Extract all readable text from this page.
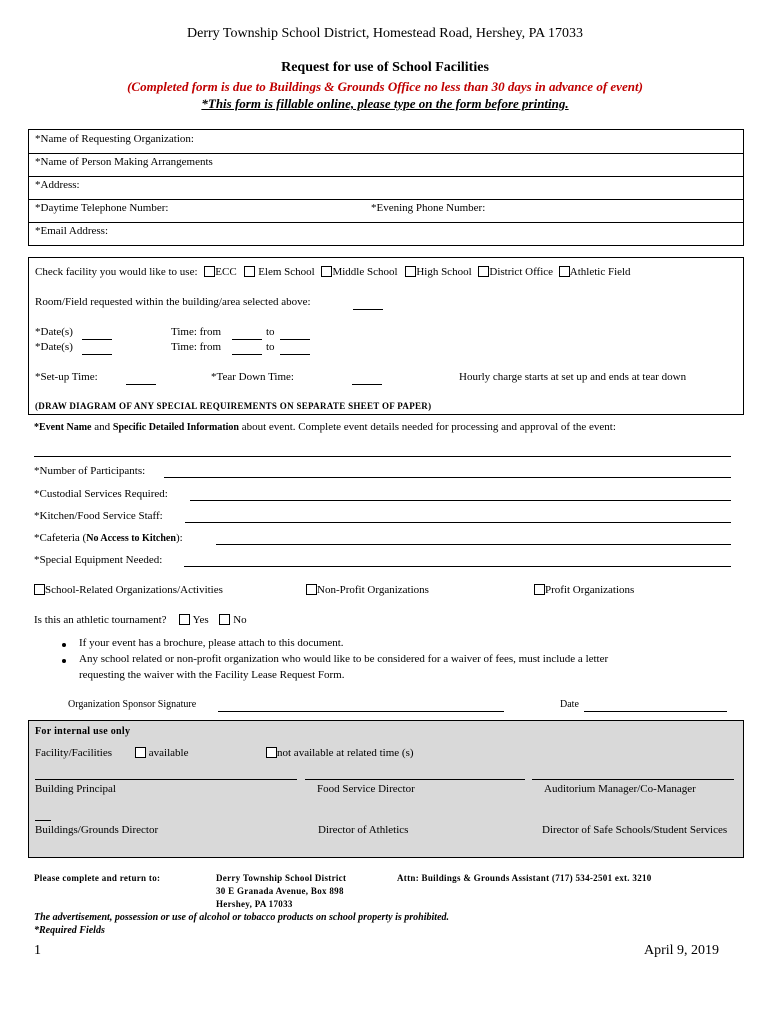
Derry Township School District, Homestead Road, Hershey, PA 17033
Request for use of School Facilities
(Completed form is due to Buildings & Grounds Office no less than 30 days in advance of event)
*This form is fillable online, please type on the form before printing.
*Name of Requesting Organization:
*Name of Person Making Arrangements
*Address:
*Daytime Telephone Number:	*Evening Phone Number:
*Email Address:
Check facility you would like to use: ECC Elem School Middle School High School District Office Athletic Field
Room/Field requested within the building/area selected above:
*Date(s)	Time: from	to
*Date(s)	Time: from	to
*Set-up Time:	*Tear Down Time:	Hourly charge starts at set up and ends at tear down
(DRAW DIAGRAM OF ANY SPECIAL REQUIREMENTS ON SEPARATE SHEET OF PAPER)
*Event Name and Specific Detailed Information about event. Complete event details needed for processing and approval of the event:
*Number of Participants:
*Custodial Services Required:
*Kitchen/Food Service Staff:
*Cafeteria (No Access to Kitchen):
*Special Equipment Needed:
School-Related Organizations/Activities	Non-Profit Organizations	Profit Organizations
Is this an athletic tournament? Yes No
If your event has a brochure, please attach to this document.
Any school related or non-profit organization who would like to be considered for a waiver of fees, must include a letter
requesting the waiver with the Facility Lease Request Form.
Organization Sponsor Signature	Date
For internal use only
Facility/Facilities	available	not available at related time (s)
Building Principal	Food Service Director	Auditorium Manager/Co-Manager
Buildings/Grounds Director	Director of Athletics	Director of Safe Schools/Student Services
Please complete and return to:	Derry Township School District
30 E Granada Avenue, Box 898
Hershey, PA 17033
Attn: Buildings & Grounds Assistant (717) 534-2501 ext. 3210
The advertisement, possession or use of alcohol or tobacco products on school property is prohibited.
*Required Fields
1	April 9, 2019
